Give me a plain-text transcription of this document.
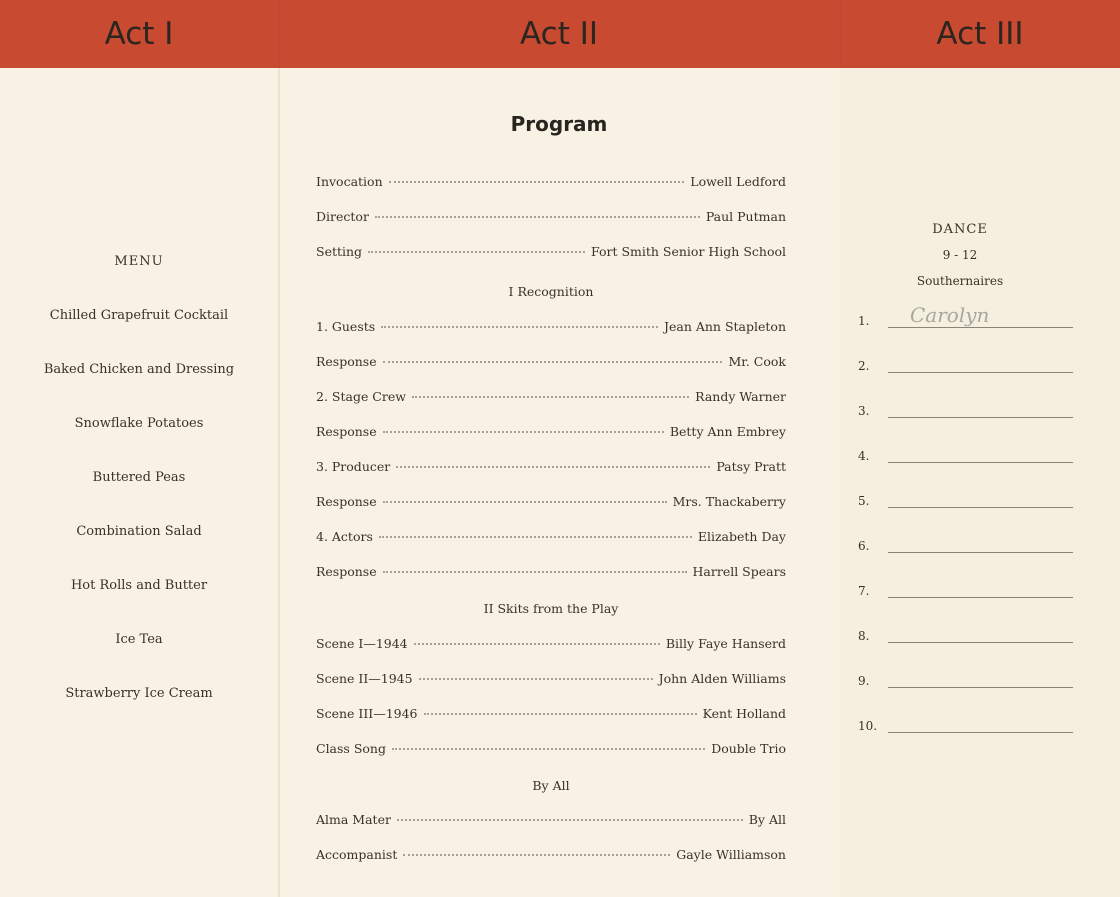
Act I	Act II	Act III
MENU
Chilled Grapefruit Cocktail
Baked Chicken and Dressing
Snowflake Potatoes
Buttered Peas
Combination Salad
Hot Rolls and Butter
Ice Tea
Strawberry Ice Cream
Program
Invocation	Lowell Ledford
Director	Paul Putman
Setting	Fort Smith Senior High School
I Recognition
1. Guests	Jean Ann Stapleton
Response	Mr. Cook
2. Stage Crew	Randy Warner
Response	Betty Ann Embrey
3. Producer	Patsy Pratt
Response	Mrs. Thackaberry
4. Actors	Elizabeth Day
Response	Harrell Spears
II Skits from the Play
Scene I—1944	Billy Faye Hanserd
Scene II—1945	John Alden Williams
Scene III—1946	Kent Holland
Class Song	Double Trio
By All
Alma Mater	By All
Accompanist	Gayle Williamson
DANCE
9 - 12
Southernaires
1.	Carolyn
2.
3.
4.
5.
6.
7.
8.
9.
10.
